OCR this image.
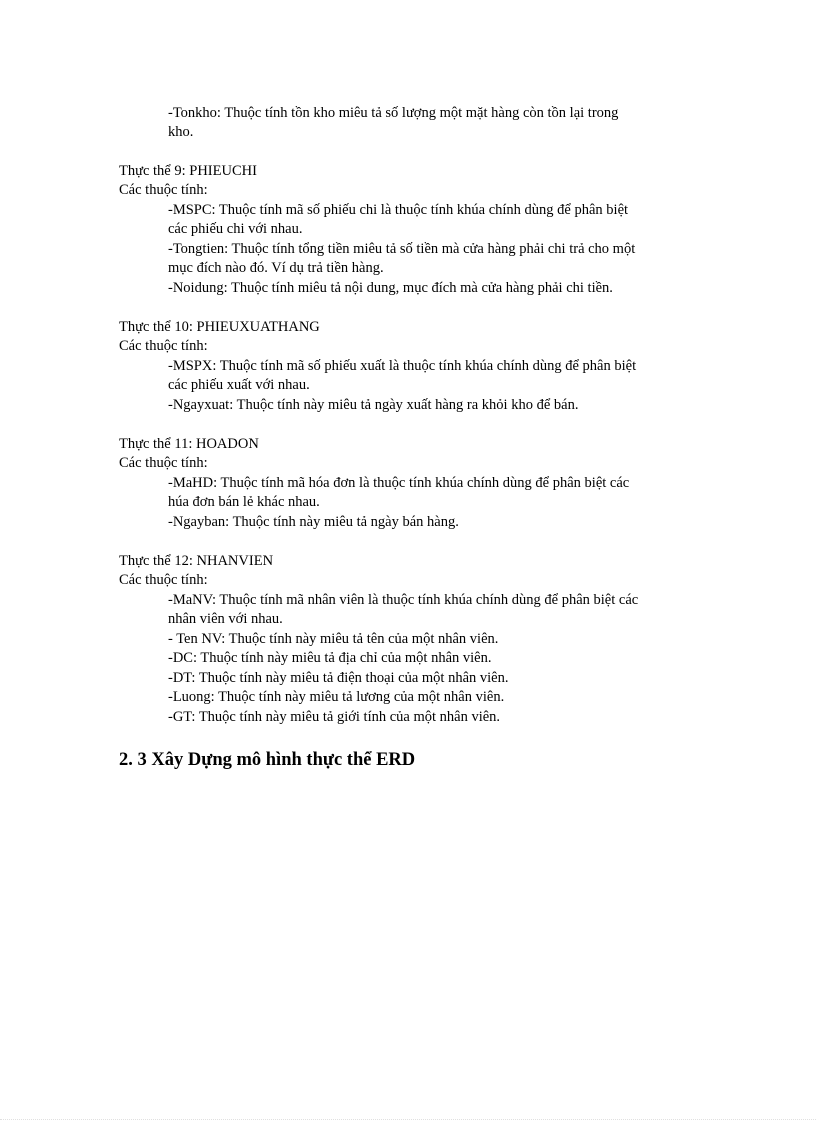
-Tonkho: Thuộc tính tồn kho miêu tả số lượng một mặt hàng còn tồn lại trong
kho.
Thực thể 9: PHIEUCHI
Các thuộc tính:
-MSPC: Thuộc tính mã số phiếu chi là thuộc tính khúa chính dùng để phân biệt
các phiếu chi với nhau.
-Tongtien: Thuộc tính tổng tiền miêu tả số tiền mà cửa hàng phải chi trả cho một
mục đích nào đó. Ví dụ trả tiền hàng.
-Noidung: Thuộc tính miêu tả nội dung, mục đích mà cửa hàng phải chi tiền.
Thực thể 10: PHIEUXUATHANG
Các thuộc tính:
-MSPX: Thuộc tính mã số phiếu xuất là thuộc tính khúa chính dùng để phân biệt
các phiếu xuất với nhau.
-Ngayxuat: Thuộc tính này miêu tả ngày xuất hàng ra khỏi kho để bán.
Thực thể 11: HOADON
Các thuộc tính:
-MaHD: Thuộc tính mã hóa đơn là thuộc tính khúa chính dùng để phân biệt các
húa đơn bán lẻ khác nhau.
-Ngayban: Thuộc tính này miêu tả ngày bán hàng.
Thực thể 12: NHANVIEN
Các thuộc tính:
-MaNV: Thuộc tính mã nhân viên là thuộc tính khúa chính dùng để phân biệt các
nhân viên với nhau.
- Ten NV: Thuộc tính này miêu tả tên của một nhân viên.
-DC: Thuộc tính này miêu tả địa chỉ của một nhân viên.
-DT: Thuộc tính này miêu tả điện thoại của một nhân viên.
-Luong: Thuộc tính này miêu tả lương của một nhân viên.
-GT: Thuộc tính này miêu tả giới tính của một nhân viên.
2. 3 Xây Dựng mô hình thực thể ERD
